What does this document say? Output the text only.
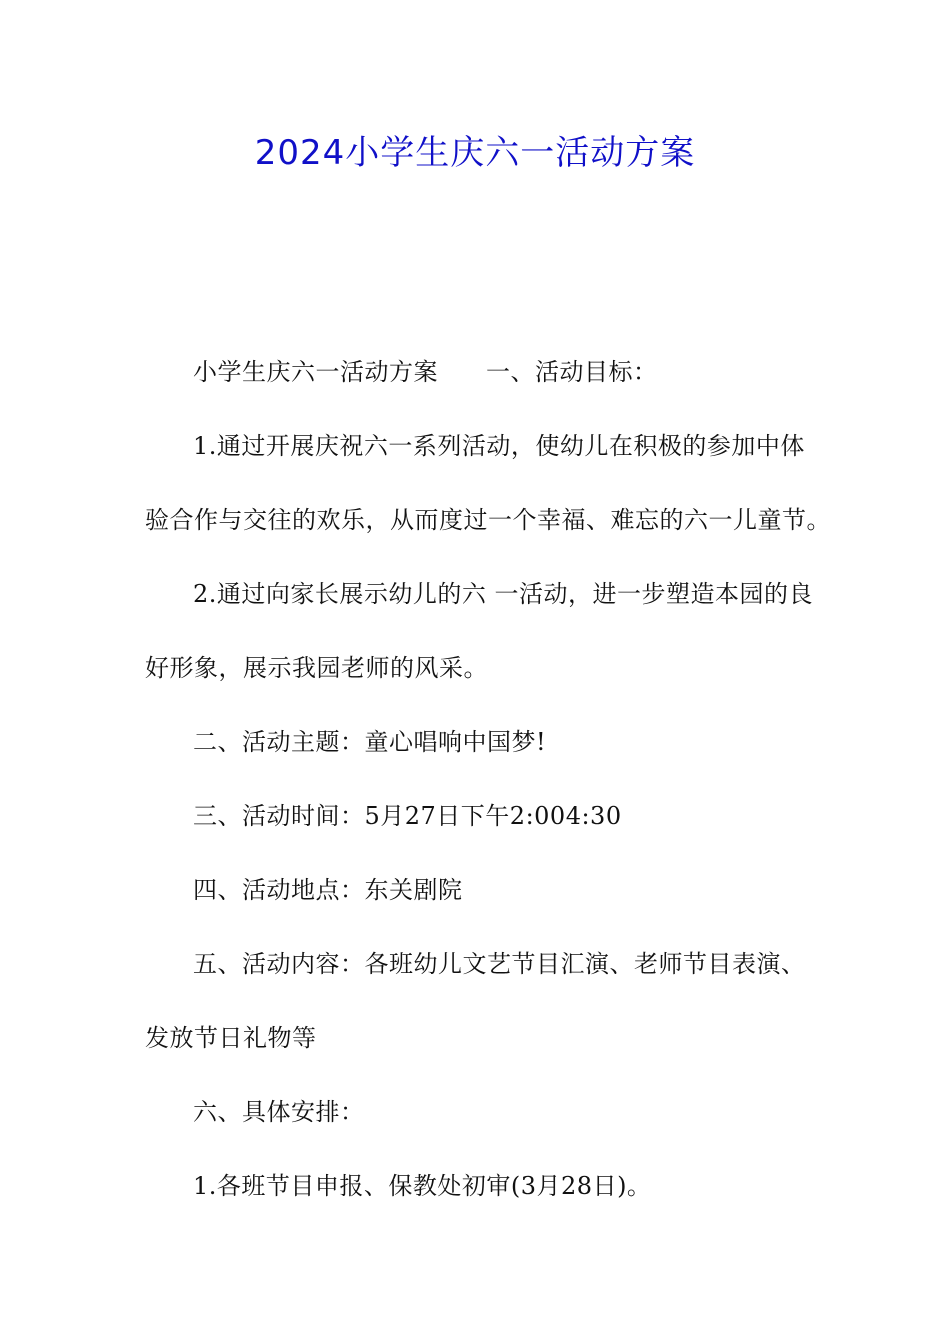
2024小学生庆六一活动方案

小学生庆六一活动方案 一、活动目标：

1.通过开展庆祝六一系列活动，使幼儿在积极的参加中体
验合作与交往的欢乐，从而度过一个幸福、难忘的六一儿童节。

2.通过向家长展示幼儿的六 一活动，进一步塑造本园的良
好形象，展示我园老师的风采。

二、活动主题：童心唱响中国梦!

三、活动时间：5月27日下午2:004:30

四、活动地点：东关剧院

五、活动内容：各班幼儿文艺节目汇演、老师节目表演、
发放节日礼物等

六、具体安排：

1.各班节目申报、保教处初审(3月28日)。
